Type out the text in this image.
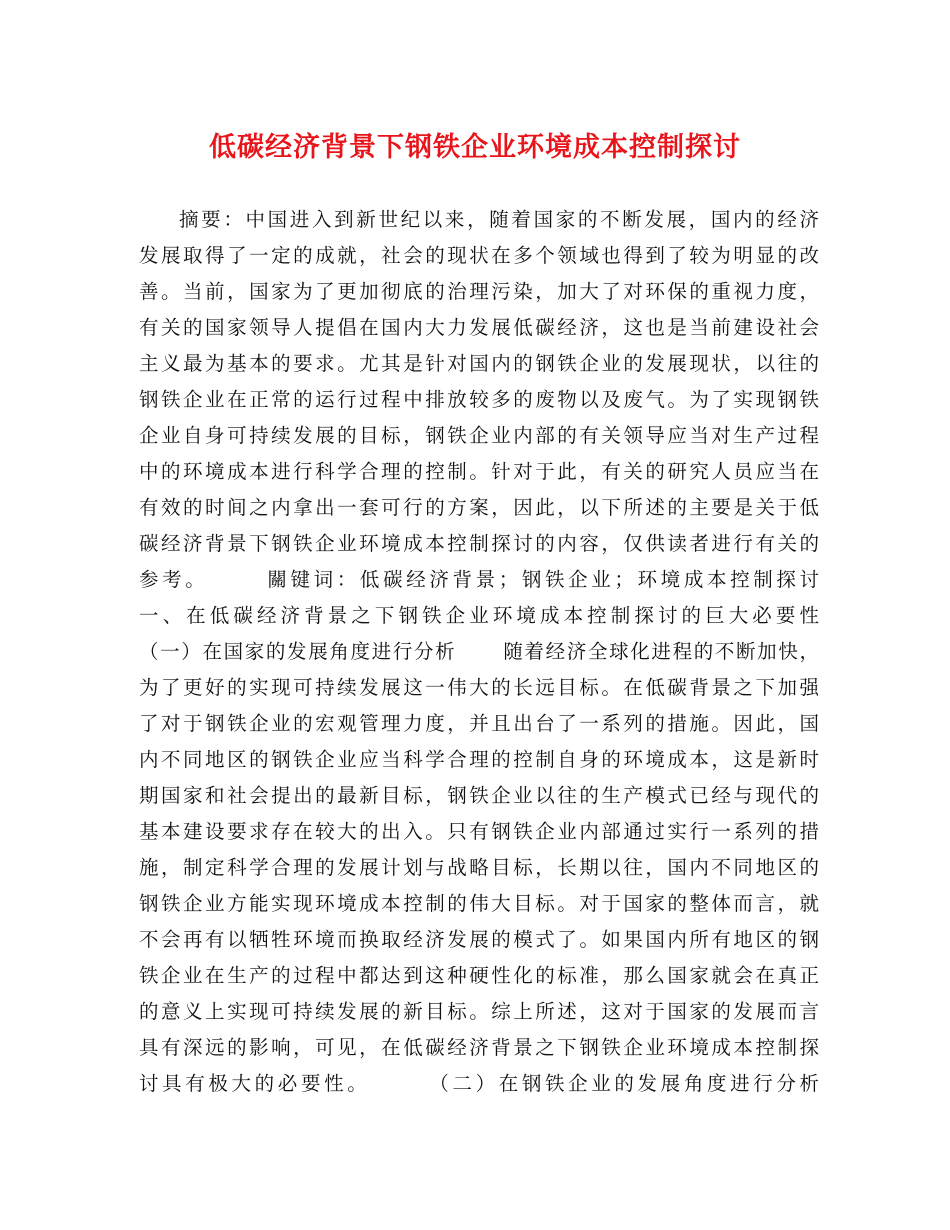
低碳经济背景下钢铁企业环境成本控制探讨
摘要：中国进入到新世纪以来，随着国家的不断发展，国内的经济
发展取得了一定的成就，社会的现状在多个领域也得到了较为明显的改
善。当前，国家为了更加彻底的治理污染，加大了对环保的重视力度，
有关的国家领导人提倡在国内大力发展低碳经济，这也是当前建设社会
主义最为基本的要求。尤其是针对国内的钢铁企业的发展现状，以往的
钢铁企业在正常的运行过程中排放较多的废物以及废气。为了实现钢铁
企业自身可持续发展的目标，钢铁企业内部的有关领导应当对生产过程
中的环境成本进行科学合理的控制。针对于此，有关的研究人员应当在
有效的时间之内拿出一套可行的方案，因此，以下所述的主要是关于低
碳经济背景下钢铁企业环境成本控制探讨的内容，仅供读者进行有关的
参考。      關键词：低碳经济背景；钢铁企业；环境成本控制探讨
一、在低碳经济背景之下钢铁企业环境成本控制探讨的巨大必要性
（一）在国家的发展角度进行分析      随着经济全球化进程的不断加快，
为了更好的实现可持续发展这一伟大的长远目标。在低碳背景之下加强
了对于钢铁企业的宏观管理力度，并且出台了一系列的措施。因此，国
内不同地区的钢铁企业应当科学合理的控制自身的环境成本，这是新时
期国家和社会提出的最新目标，钢铁企业以往的生产模式已经与现代的
基本建设要求存在较大的出入。只有钢铁企业内部通过实行一系列的措
施，制定科学合理的发展计划与战略目标，长期以往，国内不同地区的
钢铁企业方能实现环境成本控制的伟大目标。对于国家的整体而言，就
不会再有以牺牲环境而换取经济发展的模式了。如果国内所有地区的钢
铁企业在生产的过程中都达到这种硬性化的标准，那么国家就会在真正
的意义上实现可持续发展的新目标。综上所述，这对于国家的发展而言
具有深远的影响，可见，在低碳经济背景之下钢铁企业环境成本控制探
讨具有极大的必要性。      （二）在钢铁企业的发展角度进行分析
